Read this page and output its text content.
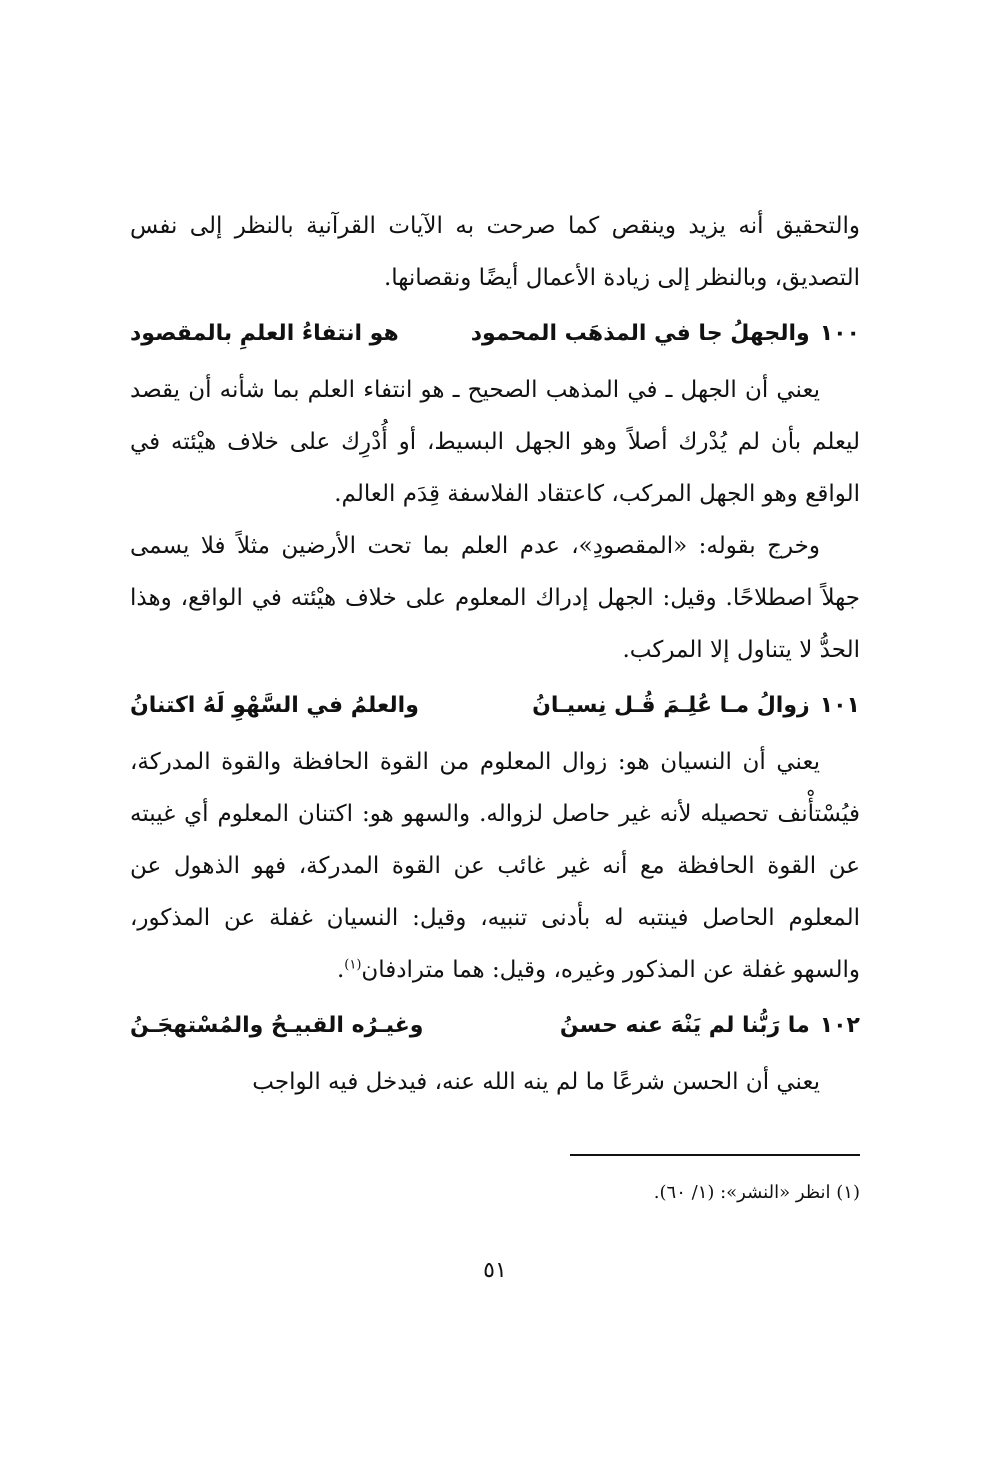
والتحقيق أنه يزيد وينقص كما صرحت به الآيات القرآنية بالنظر إلى نفس التصديق، وبالنظر إلى زيادة الأعمال أيضًا ونقصانها.

١٠٠
والجهلُ جا في المذهَب المحمود
هو انتفاءُ العلمِ بالمقصود

يعني أن الجهل ـ في المذهب الصحيح ـ هو انتفاء العلم بما شأنه أن يقصد ليعلم بأن لم يُدْرك أصلاً وهو الجهل البسيط، أو أُدْرِك على خلاف هيْئته في الواقع وهو الجهل المركب، كاعتقاد الفلاسفة قِدَم العالم.

وخرج بقوله: «المقصودِ»، عدم العلم بما تحت الأرضين مثلاً فلا يسمى جهلاً اصطلاحًا. وقيل: الجهل إدراك المعلوم على خلاف هيْئته في الواقع، وهذا الحدُّ لا يتناول إلا المركب.

١٠١
زوالُ مـا عُلِـمَ قُـل نِسيـانُ
والعلمُ في السَّهْوِ لَهُ اكتنانُ

يعني أن النسيان هو: زوال المعلوم من القوة الحافظة والقوة المدركة، فيُسْتأْنف تحصيله لأنه غير حاصل لزواله. والسهو هو: اكتنان المعلوم أي غيبته عن القوة الحافظة مع أنه غير غائب عن القوة المدركة، فهو الذهول عن المعلوم الحاصل فينتبه له بأدنى تنبيه، وقيل: النسيان غفلة عن المذكور، والسهو غفلة عن المذكور وغيره، وقيل: هما مترادفان$^{(١)}$.

١٠٢
ما رَبُّنا لم يَنْهَ عنه حسنُ
وغيـرُه القبيـحُ والمُسْتهجَـنُ

يعني أن الحسن شرعًا ما لم ينه الله عنه، فيدخل فيه الواجب

(١) انظر «النشر»: (١/ ٦٠).
٥١
